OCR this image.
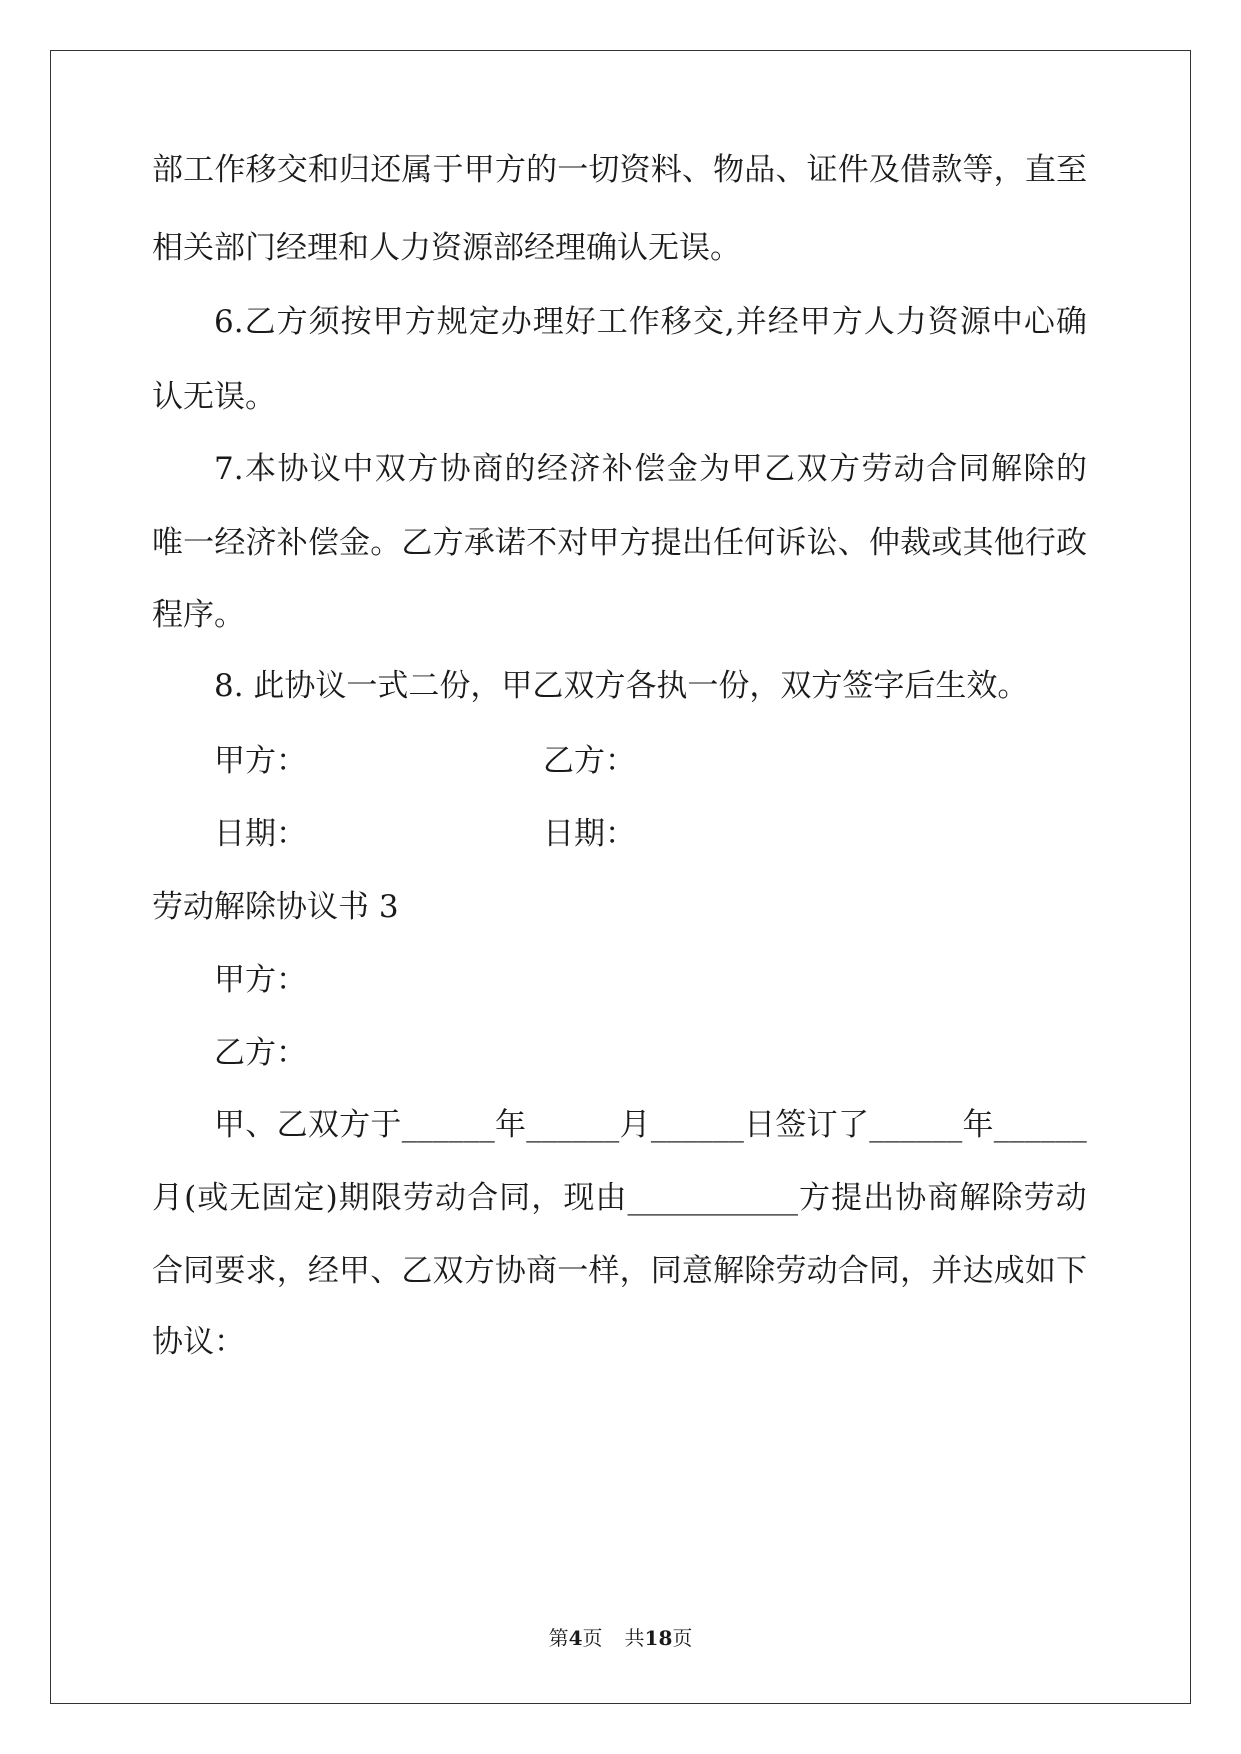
部 工 作 移 交 和 归 还 属 于 甲 方 的 一 切 资 料 、 物 品 、 证 件 及 借 款 等 ， 直 至
相关部门经理和人力资源部经理确认无误。
6. 乙 方 须 按 甲 方 规 定 办 理 好 工 作 移 交 , 并 经 甲 方 人 力 资 源 中 心 确
认无误。
7. 本 协 议 中 双 方 协 商 的 经 济 补 偿 金 为 甲 乙 双 方 劳 动 合 同 解 除 的
唯 一 经 济 补 偿 金 。 乙 方 承 诺 不 对 甲 方 提 出 任 何 诉 讼 、 仲 裁 或 其 他 行 政
程序。
8. 此协议一式二份，甲乙双方各执一份，双方签字后生效。
甲方：	乙方：
日期：	日期：
劳动解除协议书 3
甲方：
乙方：
甲 、 乙 双 方 于 ______ 年 ______ 月 ______ 日 签 订 了 ______ 年 ______
月 ( 或 无 固 定 ) 期 限 劳 动 合 同 ， 现 由 ___________ 方 提 出 协 商 解 除 劳 动
合 同 要 求 ， 经 甲 、 乙 双 方 协 商 一 样 ， 同 意 解 除 劳 动 合 同 ， 并 达 成 如 下
协议：
第4页 共18页
